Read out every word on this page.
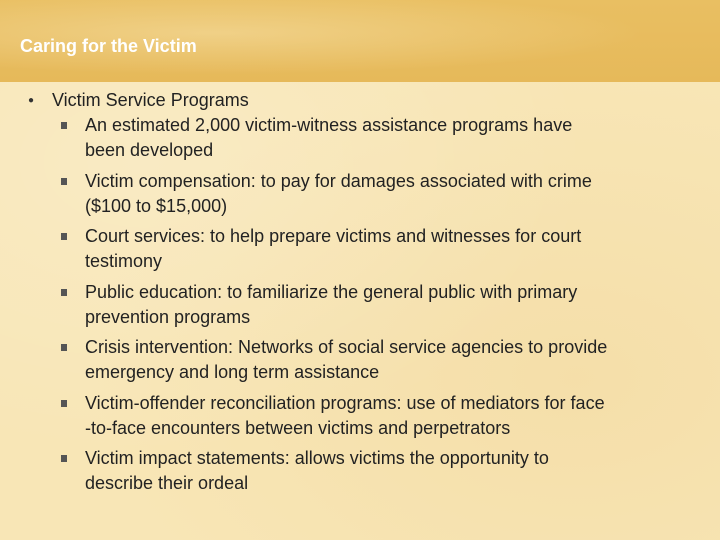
Caring for the Victim
● Victim Service Programs
An estimated 2,000 victim-witness assistance programs have
been developed
Victim compensation: to pay for damages associated with crime
($100 to $15,000)
Court services: to help prepare victims and witnesses for court
testimony
Public education: to familiarize the general public with primary
prevention programs
Crisis intervention: Networks of social service agencies to provide
emergency and long term assistance
Victim-offender reconciliation programs: use of mediators for face
-to-face encounters between victims and perpetrators
Victim impact statements: allows victims the opportunity to
describe their ordeal
